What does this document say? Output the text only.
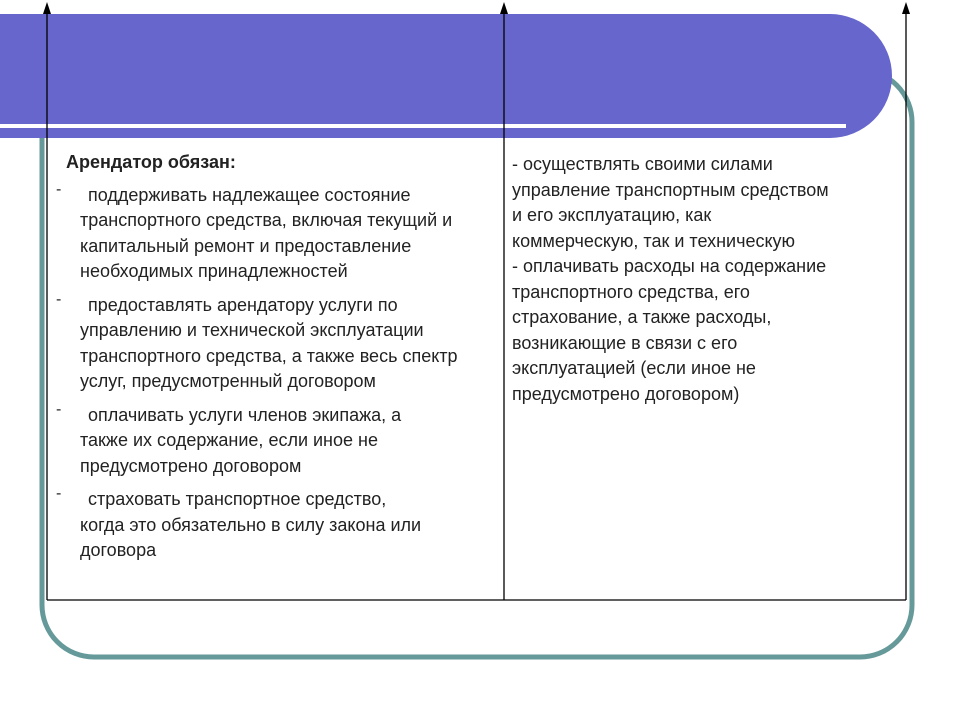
Арендатор обязан:
-	поддерживать надлежащее состояние
транспортного средства, включая текущий и капитальный ремонт и предоставление необходимых принадлежностей
-	предоставлять арендатору услуги по
управлению и технической эксплуатации транспортного средства, а также весь спектр услуг, предусмотренный договором
-	оплачивать услуги членов экипажа, а
также их содержание, если иное не предусмотрено договором
-	страховать транспортное средство,
когда это обязательно в силу закона или договора
- осуществлять своими силами
управление транспортным средством
и его эксплуатацию, как
коммерческую, так и техническую
- оплачивать расходы на содержание
транспортного средства, его
страхование, а также расходы,
возникающие в связи с его
эксплуатацией (если иное не
предусмотрено договором)
